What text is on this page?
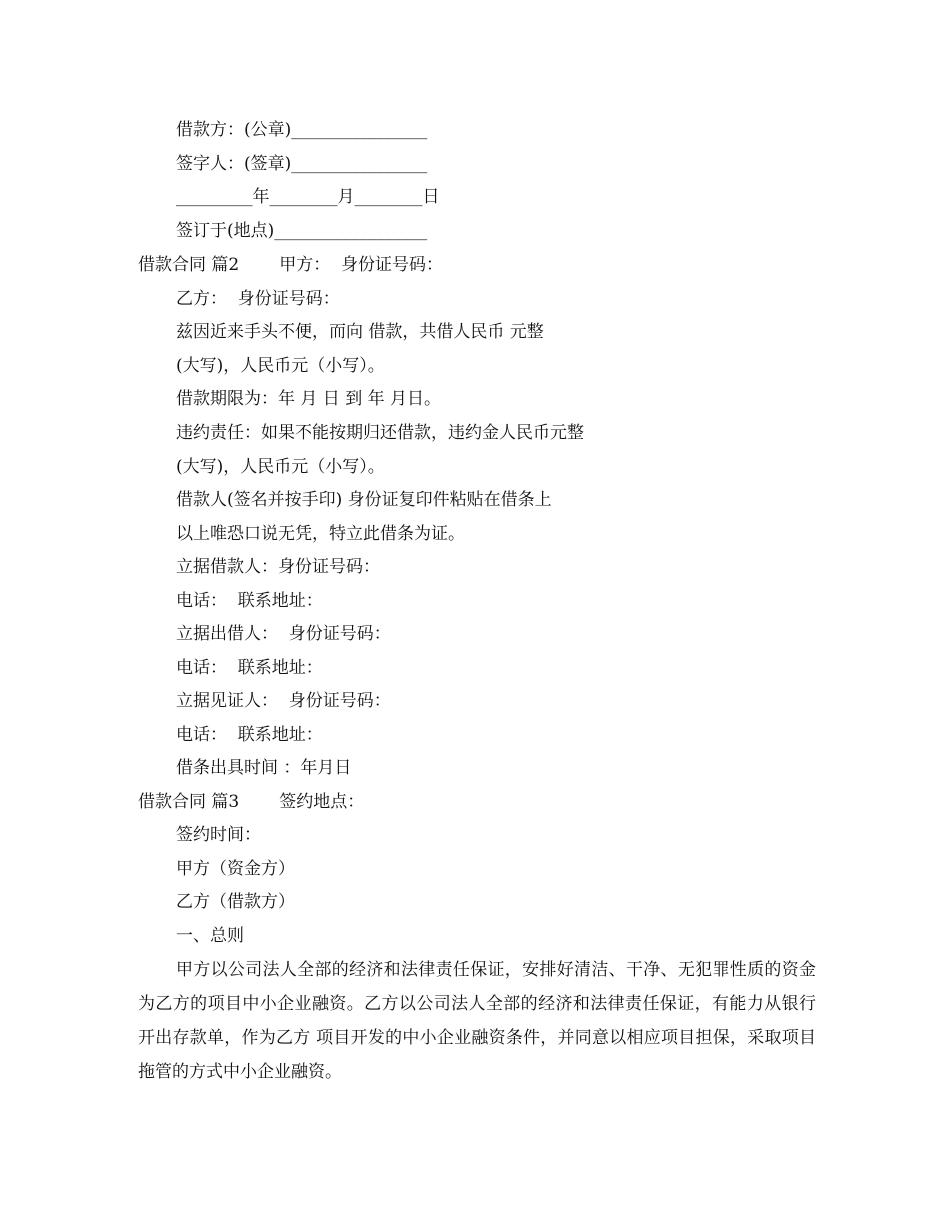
借款方：(公章)________________
签字人：(签章)________________
_________年________月________日
签订于(地点)__________________
借款合同 篇2 甲方：  身份证号码：
乙方：  身份证号码：
兹因近来手头不便，而向 借款，共借人民币 元整
(大写)，人民币元（小写）。
借款期限为：年 月 日 到 年 月日。
违约责任：如果不能按期归还借款，违约金人民币元整
(大写)，人民币元（小写）。
借款人(签名并按手印) 身份证复印件粘贴在借条上
以上唯恐口说无凭，特立此借条为证。
立据借款人：身份证号码：
电话：  联系地址：
立据出借人：  身份证号码：
电话：  联系地址：
立据见证人：  身份证号码：
电话：  联系地址：
借条出具时间 ：年月日
借款合同 篇3 签约地点：
签约时间：
甲方（资金方）
乙方（借款方）
一、总则
甲方以公司法人全部的经济和法律责任保证，安排好清洁、干净、无犯罪性质的资金为乙方的项目中小企业融资。乙方以公司法人全部的经济和法律责任保证，有能力从银行开出存款单，作为乙方 项目开发的中小企业融资条件，并同意以相应项目担保，采取项目拖管的方式中小企业融资。
